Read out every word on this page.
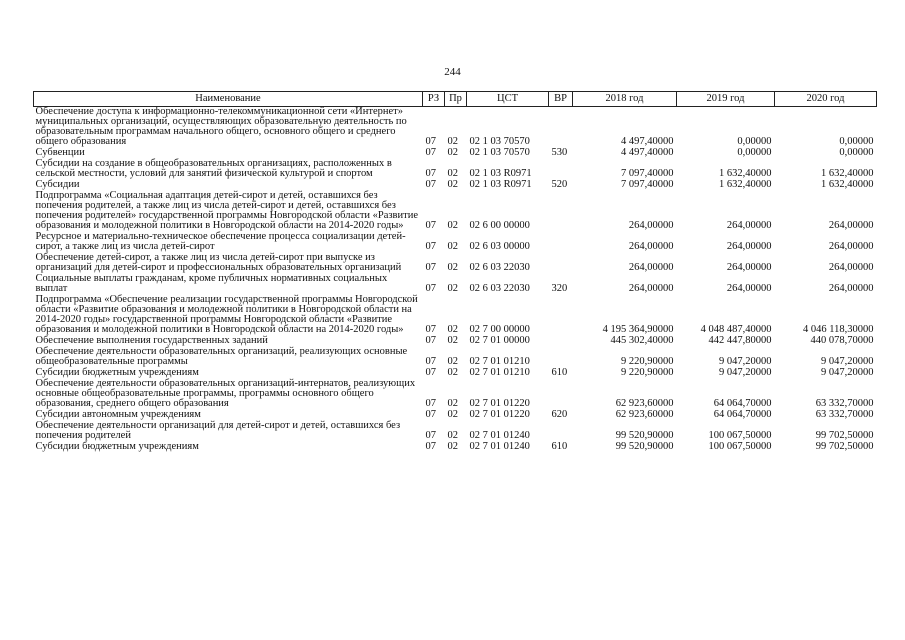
244
Наименование	РЗ	Пр	ЦСТ	ВР	2018 год	2019 год	2020 год
Обеспечение доступа к информационно-телекоммуникационной сети «Интернет» муниципальных организаций, осуществляющих образовательную деятельность по образовательным программам начального общего, основного общего и среднего общего образования	07	02	02 1 03 70570		4 497,40000	0,00000	0,00000
Субвенции	07	02	02 1 03 70570	530	4 497,40000	0,00000	0,00000
Субсидии на создание в общеобразовательных организациях, расположенных в сельской местности, условий для занятий физической культурой и спортом	07	02	02 1 03 R0971		7 097,40000	1 632,40000	1 632,40000
Субсидии	07	02	02 1 03 R0971	520	7 097,40000	1 632,40000	1 632,40000
Подпрограмма «Социальная адаптация детей-сирот и детей, оставшихся без попечения родителей, а также лиц из числа детей-сирот и детей, оставшихся без попечения родителей» государственной программы Новгородской области «Развитие образования и молодежной политики в Новгородской области на 2014-2020 годы»	07	02	02 6 00 00000		264,00000	264,00000	264,00000
Ресурсное и материально-техническое обеспечение процесса социализации детей-сирот, а также лиц из числа детей-сирот	07	02	02 6 03 00000		264,00000	264,00000	264,00000
Обеспечение детей-сирот, а также лиц из числа детей-сирот при выпуске из организаций для детей-сирот и профессиональных образовательных организаций	07	02	02 6 03 22030		264,00000	264,00000	264,00000
Социальные выплаты гражданам, кроме публичных нормативных социальных выплат	07	02	02 6 03 22030	320	264,00000	264,00000	264,00000
Подпрограмма «Обеспечение реализации государственной программы Новгородской области «Развитие образования и молодежной политики в Новгородской области на 2014-2020 годы» государственной программы Новгородской области «Развитие образования и молодежной политики в Новгородской области на 2014-2020 годы»	07	02	02 7 00 00000		4 195 364,90000	4 048 487,40000	4 046 118,30000
Обеспечение выполнения государственных заданий	07	02	02 7 01 00000		445 302,40000	442 447,80000	440 078,70000
Обеспечение деятельности образовательных организаций, реализующих основные общеобразовательные программы	07	02	02 7 01 01210		9 220,90000	9 047,20000	9 047,20000
Субсидии бюджетным учреждениям	07	02	02 7 01 01210	610	9 220,90000	9 047,20000	9 047,20000
Обеспечение деятельности образовательных организаций-интернатов, реализующих основные общеобразовательные программы, программы основного общего образования, среднего общего образования	07	02	02 7 01 01220		62 923,60000	64 064,70000	63 332,70000
Субсидии автономным учреждениям	07	02	02 7 01 01220	620	62 923,60000	64 064,70000	63 332,70000
Обеспечение деятельности организаций для детей-сирот и детей, оставшихся без попечения родителей	07	02	02 7 01 01240		99 520,90000	100 067,50000	99 702,50000
Субсидии бюджетным учреждениям	07	02	02 7 01 01240	610	99 520,90000	100 067,50000	99 702,50000
